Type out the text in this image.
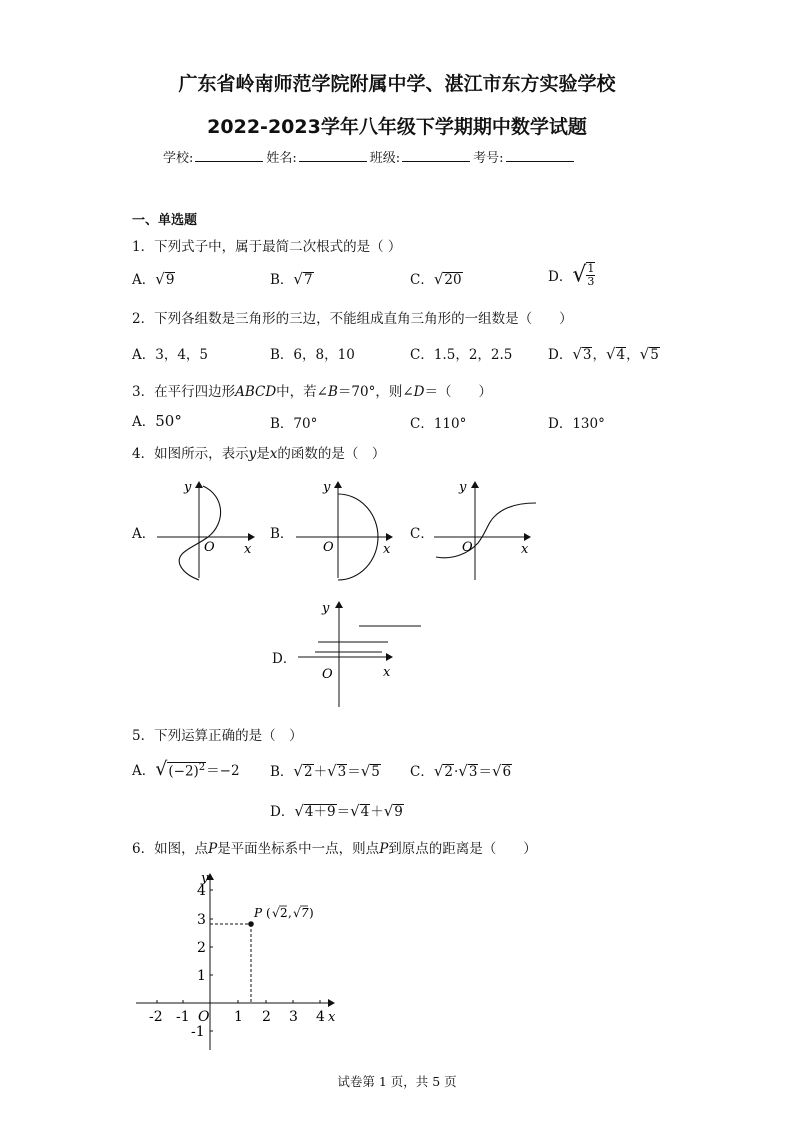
广东省岭南师范学院附属中学、湛江市东方实验学校
2022-2023学年八年级下学期期中数学试题
学校:	姓名:	班级:	考号:
一、单选题
1．下列式子中，属于最简二次根式的是（ ）
A．√9	B．√7	C．√20	D．√ $\frac{1}{3}$
2．下列各组数是三角形的三边，不能组成直角三角形的一组数是（　　）
A．3，4，5	B．6，8，10	C．1.5，2，2.5	D．√3，√4，√5
3．在平行四边形ABCD中，若∠B＝70°，则∠D＝（　　）
A．50°	B．70°	C．110°	D．130°
4．如图所示，表示y是x的函数的是（　）
A．	B．	C．
D．
y
x
O
y
x
O
y
x
O
y
x
O
5．下列运算正确的是（　）
A．$√(-2)^2=-2$ B．√2＋√3＝√5 C．√2·√3＝√6
D．√4＋9＝√4＋√9
6．如图，点P是平面坐标系中一点，则点P到原点的距离是（　　）
-2 -1	1 2 3 4
4
3
2
1
-1
O	x
y
P ( √ 2 , √ 7 )
试卷第 1 页，共 5 页
